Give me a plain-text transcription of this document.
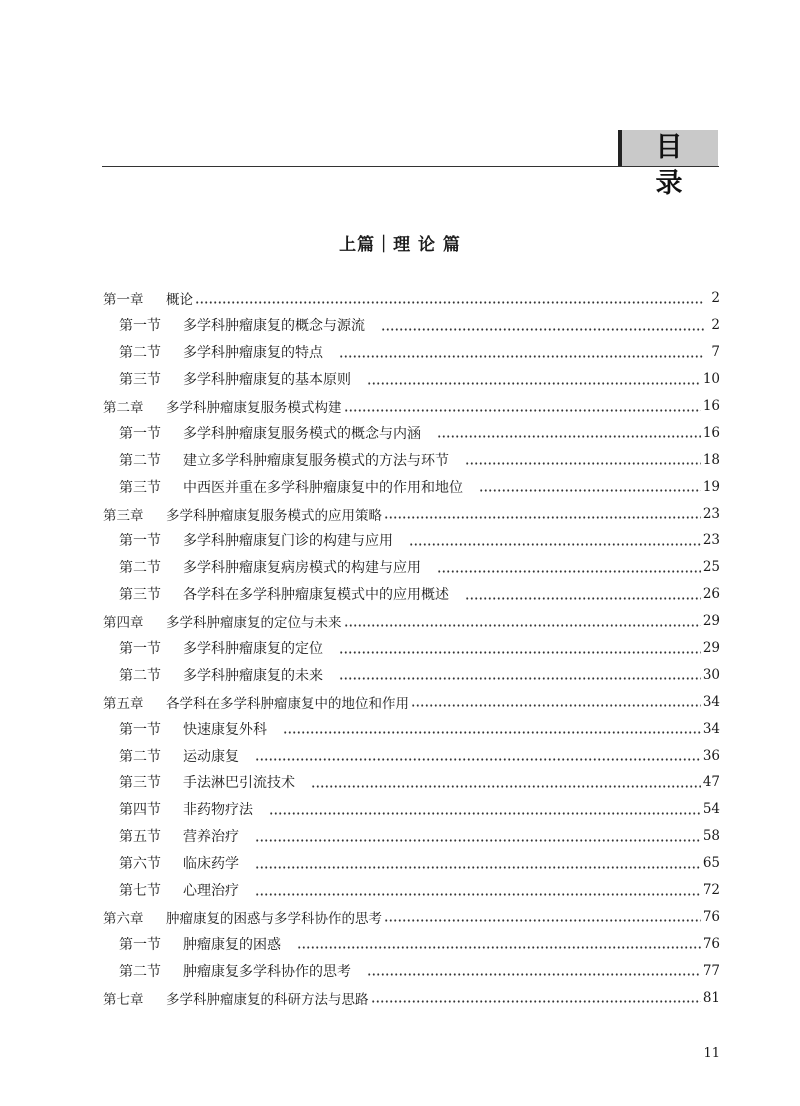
目 录
上篇｜理 论 篇
第一章	概论	2
第一节	多学科肿瘤康复的概念与源流	2
第二节	多学科肿瘤康复的特点	7
第三节	多学科肿瘤康复的基本原则	10
第二章	多学科肿瘤康复服务模式构建	16
第一节	多学科肿瘤康复服务模式的概念与内涵	16
第二节	建立多学科肿瘤康复服务模式的方法与环节	18
第三节	中西医并重在多学科肿瘤康复中的作用和地位	19
第三章	多学科肿瘤康复服务模式的应用策略	23
第一节	多学科肿瘤康复门诊的构建与应用	23
第二节	多学科肿瘤康复病房模式的构建与应用	25
第三节	各学科在多学科肿瘤康复模式中的应用概述	26
第四章	多学科肿瘤康复的定位与未来	29
第一节	多学科肿瘤康复的定位	29
第二节	多学科肿瘤康复的未来	30
第五章	各学科在多学科肿瘤康复中的地位和作用	34
第一节	快速康复外科	34
第二节	运动康复	36
第三节	手法淋巴引流技术	47
第四节	非药物疗法	54
第五节	营养治疗	58
第六节	临床药学	65
第七节	心理治疗	72
第六章	肿瘤康复的困惑与多学科协作的思考	76
第一节	肿瘤康复的困惑	76
第二节	肿瘤康复多学科协作的思考	77
第七章	多学科肿瘤康复的科研方法与思路	81
11
